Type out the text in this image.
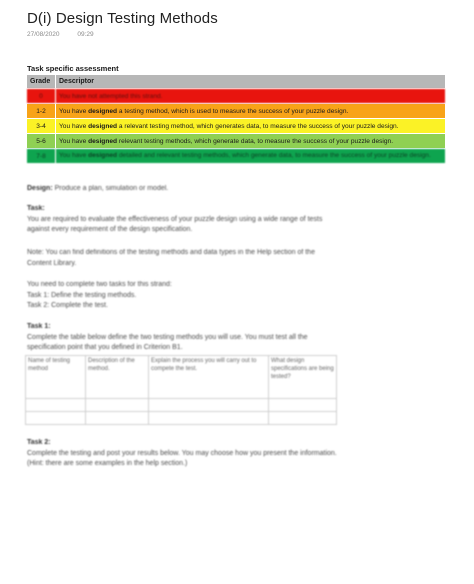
D(i) Design Testing Methods
27/08/2020	09:29
Task specific assessment
Grade	Descriptor
0	You have not attempted this strand.
1-2	You have designed a testing method, which is used to measure the success of your puzzle design.
3-4	You have designed a relevant testing method, which generates data, to measure the success of your puzzle design.
5-6	You have designed relevant testing methods, which generate data, to measure the success of your puzzle design.
7-8	You have designed detailed and relevant testing methods, which generate data, to measure the success of your puzzle design.
Design: Produce a plan, simulation or model.
Task:
You are required to evaluate the effectiveness of your puzzle design using a wide range of tests against every requirement of the design specification.
Note: You can find definitions of the testing methods and data types in the Help section of the Content Library.
You need to complete two tasks for this strand:
Task 1: Define the testing methods.
Task 2: Complete the test.
Task 1:
Complete the table below define the two testing methods you will use. You must test all the specification point that you defined in Criterion B1.
Name of testing method	Description of the method.	Explain the process you will carry out to compete the test.	What design specifications are being tested?

Task 2:
Complete the testing and post your results below. You may choose how you present the information. (Hint: there are some examples in the help section.)
